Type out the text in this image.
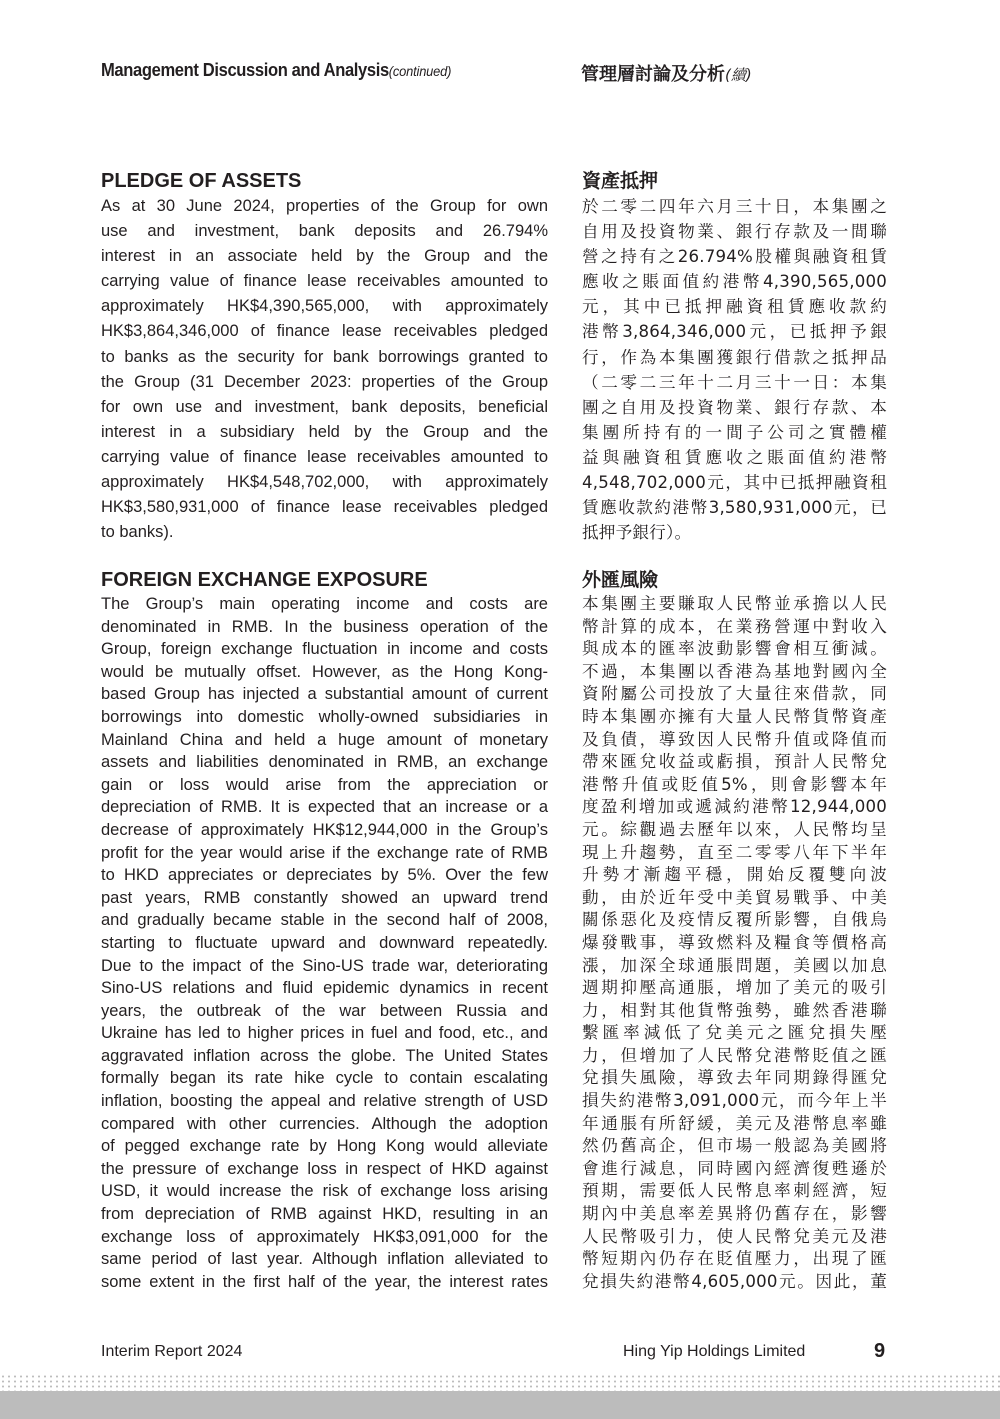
Management Discussion and Analysis(continued)	管理層討論及分析(續)
PLEDGE OF ASSETS
As at 30 June 2024, properties of the Group for own
use and investment, bank deposits and 26.794%
interest in an associate held by the Group and the
carrying value of finance lease receivables amounted to
approximately HK$4,390,565,000, with approximately
HK$3,864,346,000 of finance lease receivables pledged
to banks as the security for bank borrowings granted to
the Group (31 December 2023: properties of the Group
for own use and investment, bank deposits, beneficial
interest in a subsidiary held by the Group and the
carrying value of finance lease receivables amounted to
approximately HK$4,548,702,000, with approximately
HK$3,580,931,000 of finance lease receivables pledged
to banks).
資產抵押
於二零二四年六月三十日，本集團之
自用及投資物業、銀行存款及一間聯
營之持有之26.794%股權與融資租賃
應收之賬面值約港幣4,390,565,000
元，其中已抵押融資租賃應收款約
港幣3,864,346,000元，已抵押予銀
行，作為本集團獲銀行借款之抵押品
（二零二三年十二月三十一日：本集
團之自用及投資物業、銀行存款、本
集團所持有的一間子公司之實體權
益與融資租賃應收之賬面值約港幣
4,548,702,000元，其中已抵押融資租
賃應收款約港幣3,580,931,000元，已
抵押予銀行）。
FOREIGN EXCHANGE EXPOSURE
The Group’s main operating income and costs are
denominated in RMB. In the business operation of the
Group, foreign exchange fluctuation in income and costs
would be mutually offset. However, as the Hong Kong-
based Group has injected a substantial amount of current
borrowings into domestic wholly-owned subsidiaries in
Mainland China and held a huge amount of monetary
assets and liabilities denominated in RMB, an exchange
gain or loss would arise from the appreciation or
depreciation of RMB. It is expected that an increase or a
decrease of approximately HK$12,944,000 in the Group’s
profit for the year would arise if the exchange rate of RMB
to HKD appreciates or depreciates by 5%. Over the few
past years, RMB constantly showed an upward trend
and gradually became stable in the second half of 2008,
starting to fluctuate upward and downward repeatedly.
Due to the impact of the Sino-US trade war, deteriorating
Sino-US relations and fluid epidemic dynamics in recent
years, the outbreak of the war between Russia and
Ukraine has led to higher prices in fuel and food, etc., and
aggravated inflation across the globe. The United States
formally began its rate hike cycle to contain escalating
inflation, boosting the appeal and relative strength of USD
compared with other currencies. Although the adoption
of pegged exchange rate by Hong Kong would alleviate
the pressure of exchange loss in respect of HKD against
USD, it would increase the risk of exchange loss arising
from depreciation of RMB against HKD, resulting in an
exchange loss of approximately HK$3,091,000 for the
same period of last year. Although inflation alleviated to
some extent in the first half of the year, the interest rates
外匯風險
本集團主要賺取人民幣並承擔以人民
幣計算的成本，在業務營運中對收入
與成本的匯率波動影響會相互衝減。
不過，本集團以香港為基地對國內全
資附屬公司投放了大量往來借款，同
時本集團亦擁有大量人民幣貨幣資產
及負債，導致因人民幣升值或降值而
帶來匯兌收益或虧損，預計人民幣兌
港幣升值或貶值5%，則會影響本年
度盈利增加或遞減約港幣12,944,000
元。綜觀過去歷年以來，人民幣均呈
現上升趨勢，直至二零零八年下半年
升勢才漸趨平穩，開始反覆雙向波
動，由於近年受中美貿易戰爭、中美
關係惡化及疫情反覆所影響，自俄烏
爆發戰事，導致燃料及糧食等價格高
漲，加深全球通脹問題，美國以加息
週期抑壓高通脹，增加了美元的吸引
力，相對其他貨幣強勢，雖然香港聯
繫匯率減低了兌美元之匯兌損失壓
力，但增加了人民幣兌港幣貶值之匯
兌損失風險，導致去年同期錄得匯兌
損失約港幣3,091,000元，而今年上半
年通脹有所舒緩，美元及港幣息率雖
然仍舊高企，但市場一般認為美國將
會進行減息，同時國內經濟復甦遜於
預期，需要低人民幣息率刺經濟，短
期內中美息率差異將仍舊存在，影響
人民幣吸引力，使人民幣兌美元及港
幣短期內仍存在貶值壓力，出現了匯
兌損失約港幣4,605,000元。因此，董
Interim Report 2024	Hing Yip Holdings Limited	9
